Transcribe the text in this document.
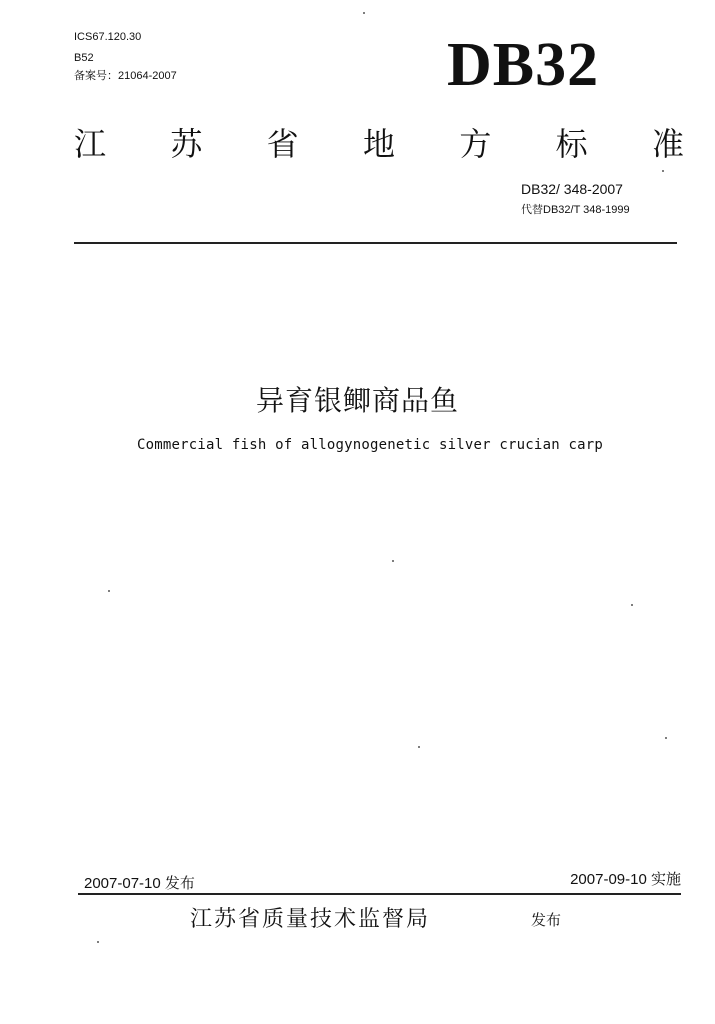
ICS67.120.30
B52
备案号：21064-2007	DB32
江 苏 省 地 方 标 准
DB32/ 348-2007
代替DB32/T 348-1999
异育银鲫商品鱼
Commercial fish of allogynogenetic silver crucian carp
2007-07-10 发布	2007-09-10 实施
江苏省质量技术监督局	发布
